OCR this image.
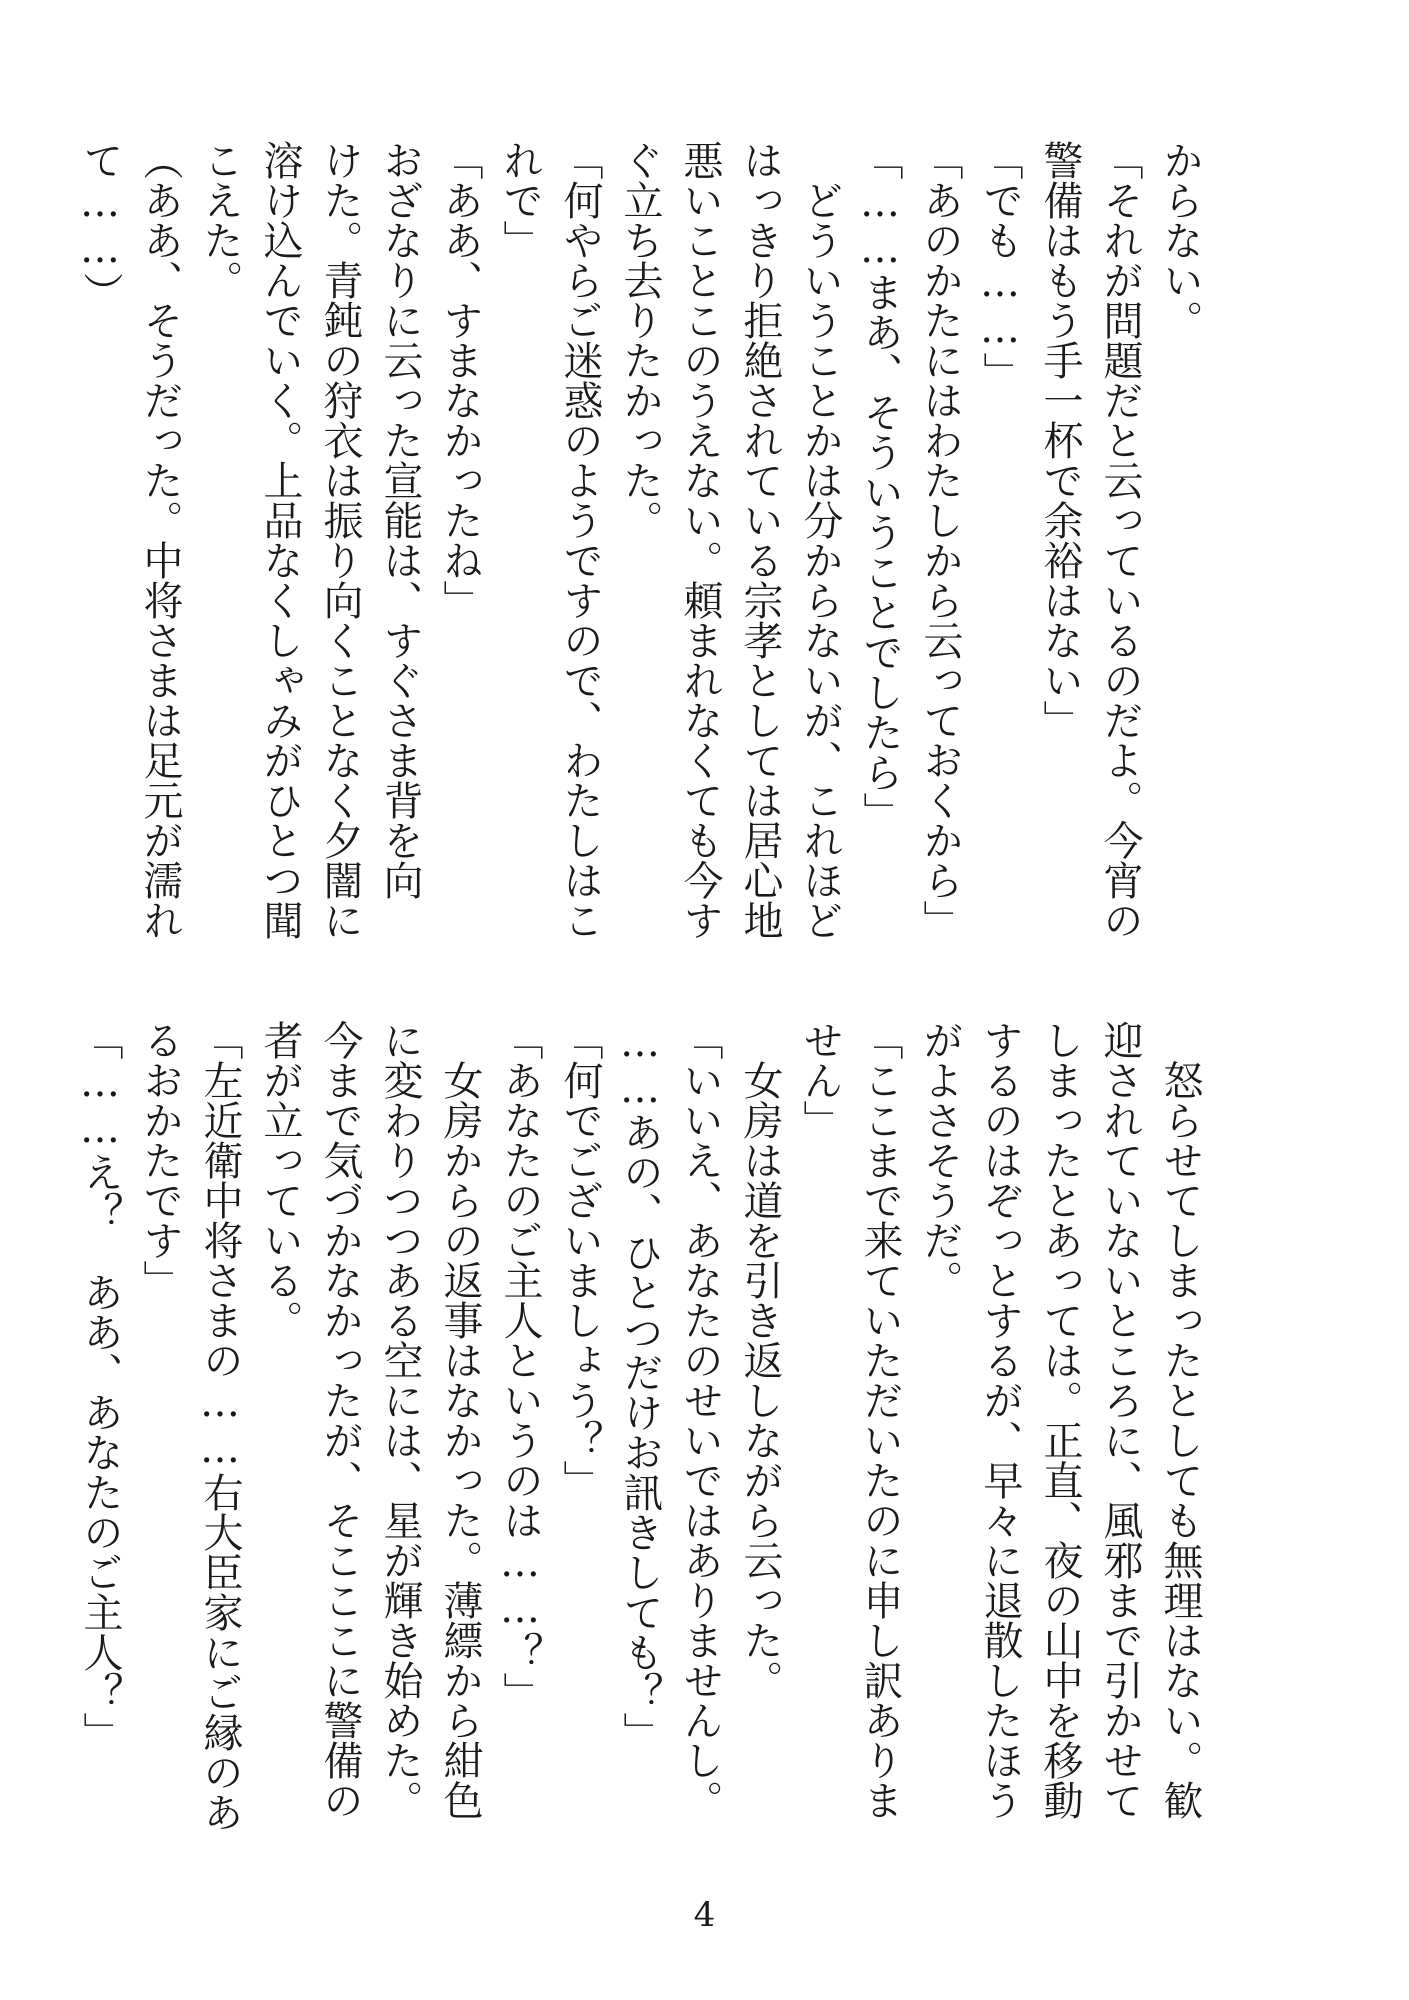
からない。
「それが問題だと云っているのだよ。今宵の
警備はもう手一杯で余裕はない」
「でも……」
「あのかたにはわたしから云っておくから」
「……まあ、そういうことでしたら」
　どういうことかは分からないが、これほど
はっきり拒絶されている宗孝としては居心地
悪いことこのうえない。頼まれなくても今す
ぐ立ち去りたかった。
「何やらご迷惑のようですので、わたしはこ
れで」
「ああ、すまなかったね」
おざなりに云った宣能は、すぐさま背を向
けた。青鈍の狩衣は振り向くことなく夕闇に
溶け込んでいく。上品なくしゃみがひとつ聞
こえた。
（ああ、そうだった。中将さまは足元が濡れ
て……）
　怒らせてしまったとしても無理はない。歓
迎されていないところに、風邪まで引かせて
しまったとあっては。正直、夜の山中を移動
するのはぞっとするが、早々に退散したほう
がよさそうだ。
「ここまで来ていただいたのに申し訳ありま
せん」
　女房は道を引き返しながら云った。
「いいえ、あなたのせいではありませんし。
……あの、ひとつだけお訊きしても？」
「何でございましょう？」
「あなたのご主人というのは……？」
　女房からの返事はなかった。薄縹から紺色
に変わりつつある空には、星が輝き始めた。
今まで気づかなかったが、そこここに警備の
者が立っている。
「左近衛中将さまの……右大臣家にご縁のあ
るおかたです」
「……え？　ああ、あなたのご主人？」
4
